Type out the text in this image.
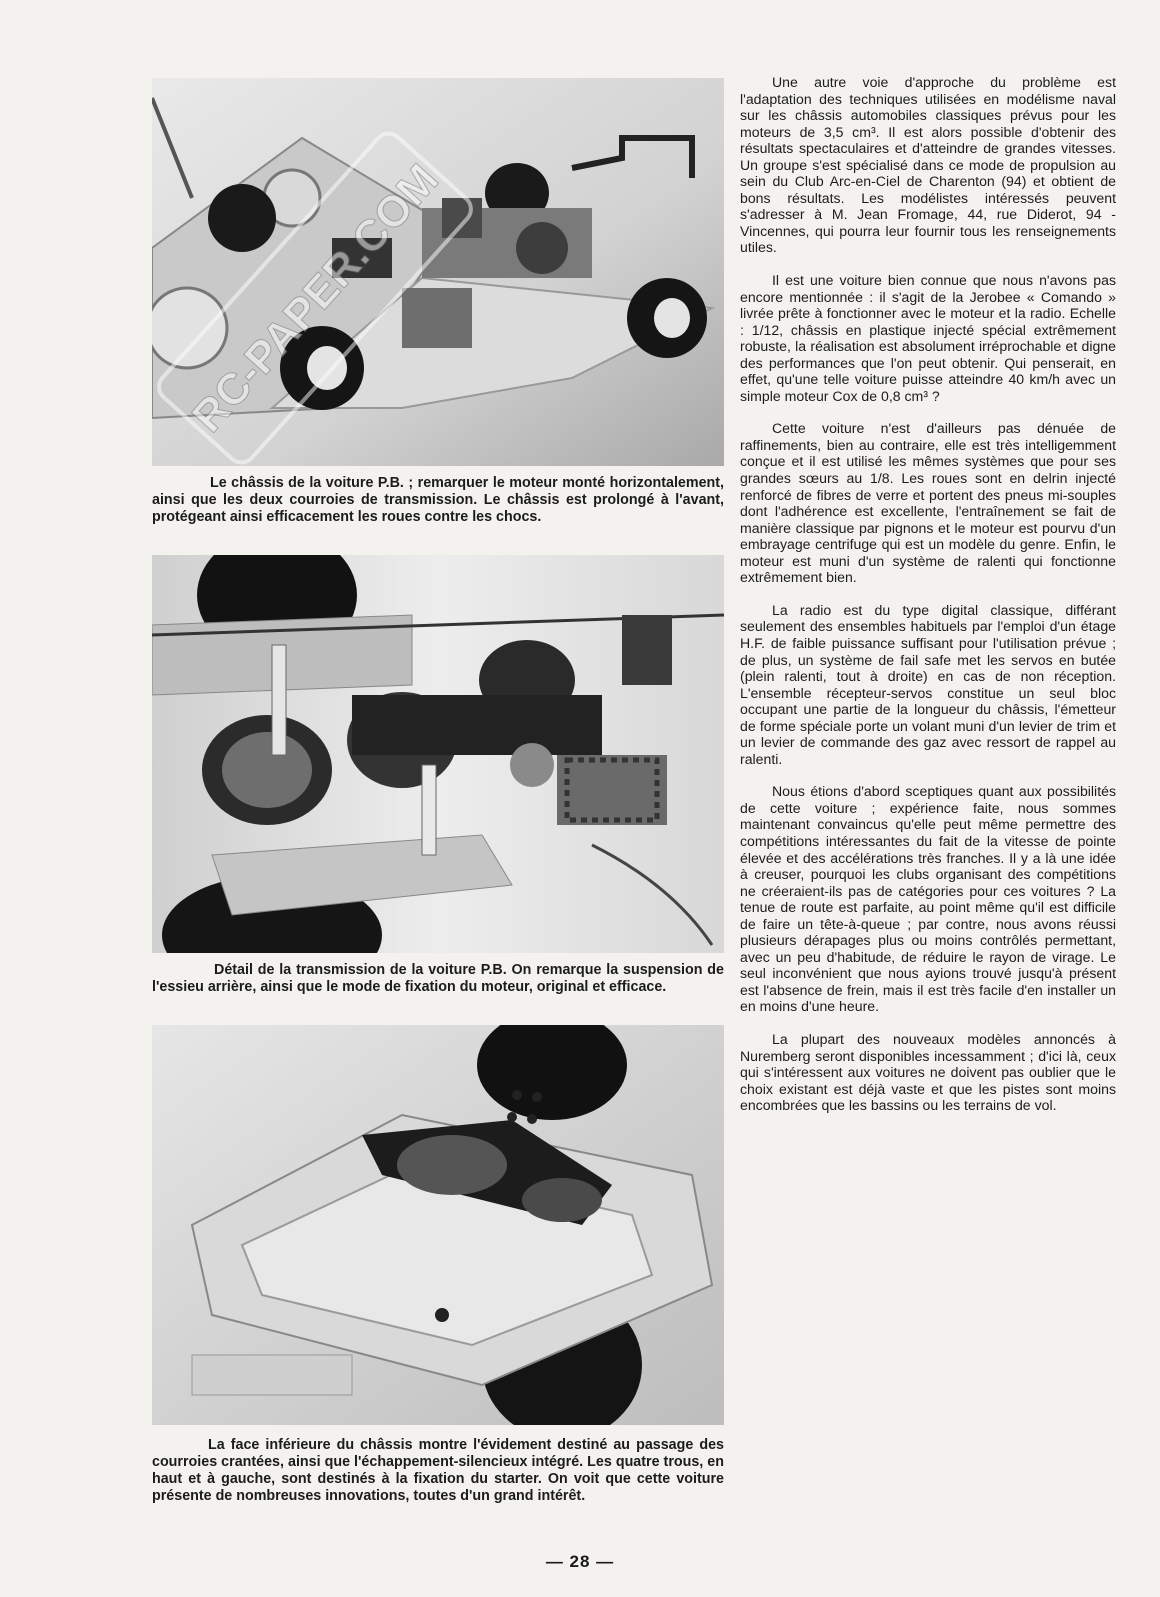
RC-PAPER.COM
Le châssis de la voiture P.B. ; remarquer le moteur monté horizontalement, ainsi que les deux courroies de transmission. Le châssis est prolongé à l'avant, protégeant ainsi efficacement les roues contre les chocs.
Détail de la transmission de la voiture P.B. On remarque la suspension de l'essieu arrière, ainsi que le mode de fixation du moteur, original et efficace.
La face inférieure du châssis montre l'évidement destiné au passage des courroies crantées, ainsi que l'échappement-silencieux intégré. Les quatre trous, en haut et à gauche, sont destinés à la fixation du starter. On voit que cette voiture présente de nombreuses innovations, toutes d'un grand intérêt.

Une autre voie d'approche du problème est l'adaptation des techniques utilisées en modélisme naval sur les châssis automobiles classiques prévus pour les moteurs de 3,5 cm³. Il est alors possible d'obtenir des résultats spectaculaires et d'atteindre de grandes vitesses. Un groupe s'est spécialisé dans ce mode de propulsion au sein du Club Arc-en-Ciel de Charenton (94) et obtient de bons résultats. Les modélistes intéressés peuvent s'adresser à M. Jean Fromage, 44, rue Diderot, 94 - Vincennes, qui pourra leur fournir tous les renseignements utiles.

Il est une voiture bien connue que nous n'avons pas encore mentionnée : il s'agit de la Jerobee « Comando » livrée prête à fonctionner avec le moteur et la radio. Echelle : 1/12, châssis en plastique injecté spécial extrêmement robuste, la réalisation est absolument irréprochable et digne des performances que l'on peut obtenir. Qui penserait, en effet, qu'une telle voiture puisse atteindre 40 km/h avec un simple moteur Cox de 0,8 cm³ ?

Cette voiture n'est d'ailleurs pas dénuée de raffinements, bien au contraire, elle est très intelligemment conçue et il est utilisé les mêmes systèmes que pour ses grandes sœurs au 1/8. Les roues sont en delrin injecté renforcé de fibres de verre et portent des pneus mi-souples dont l'adhérence est excellente, l'entraînement se fait de manière classique par pignons et le moteur est pourvu d'un embrayage centrifuge qui est un modèle du genre. Enfin, le moteur est muni d'un système de ralenti qui fonctionne extrêmement bien.

La radio est du type digital classique, différant seulement des ensembles habituels par l'emploi d'un étage H.F. de faible puissance suffisant pour l'utilisation prévue ; de plus, un système de fail safe met les servos en butée (plein ralenti, tout à droite) en cas de non réception. L'ensemble récepteur-servos constitue un seul bloc occupant une partie de la longueur du châssis, l'émetteur de forme spéciale porte un volant muni d'un levier de trim et un levier de commande des gaz avec ressort de rappel au ralenti.

Nous étions d'abord sceptiques quant aux possibilités de cette voiture ; expérience faite, nous sommes maintenant convaincus qu'elle peut même permettre des compétitions intéressantes du fait de la vitesse de pointe élevée et des accélérations très franches. Il y a là une idée à creuser, pourquoi les clubs organisant des compétitions ne créeraient-ils pas de catégories pour ces voitures ? La tenue de route est parfaite, au point même qu'il est difficile de faire un tête-à-queue ; par contre, nous avons réussi plusieurs dérapages plus ou moins contrôlés permettant, avec un peu d'habitude, de réduire le rayon de virage. Le seul inconvénient que nous ayions trouvé jusqu'à présent est l'absence de frein, mais il est très facile d'en installer un en moins d'une heure.

La plupart des nouveaux modèles annoncés à Nuremberg seront disponibles incessamment ; d'ici là, ceux qui s'intéressent aux voitures ne doivent pas oublier que le choix existant est déjà vaste et que les pistes sont moins encombrées que les bassins ou les terrains de vol.

— 28 —
